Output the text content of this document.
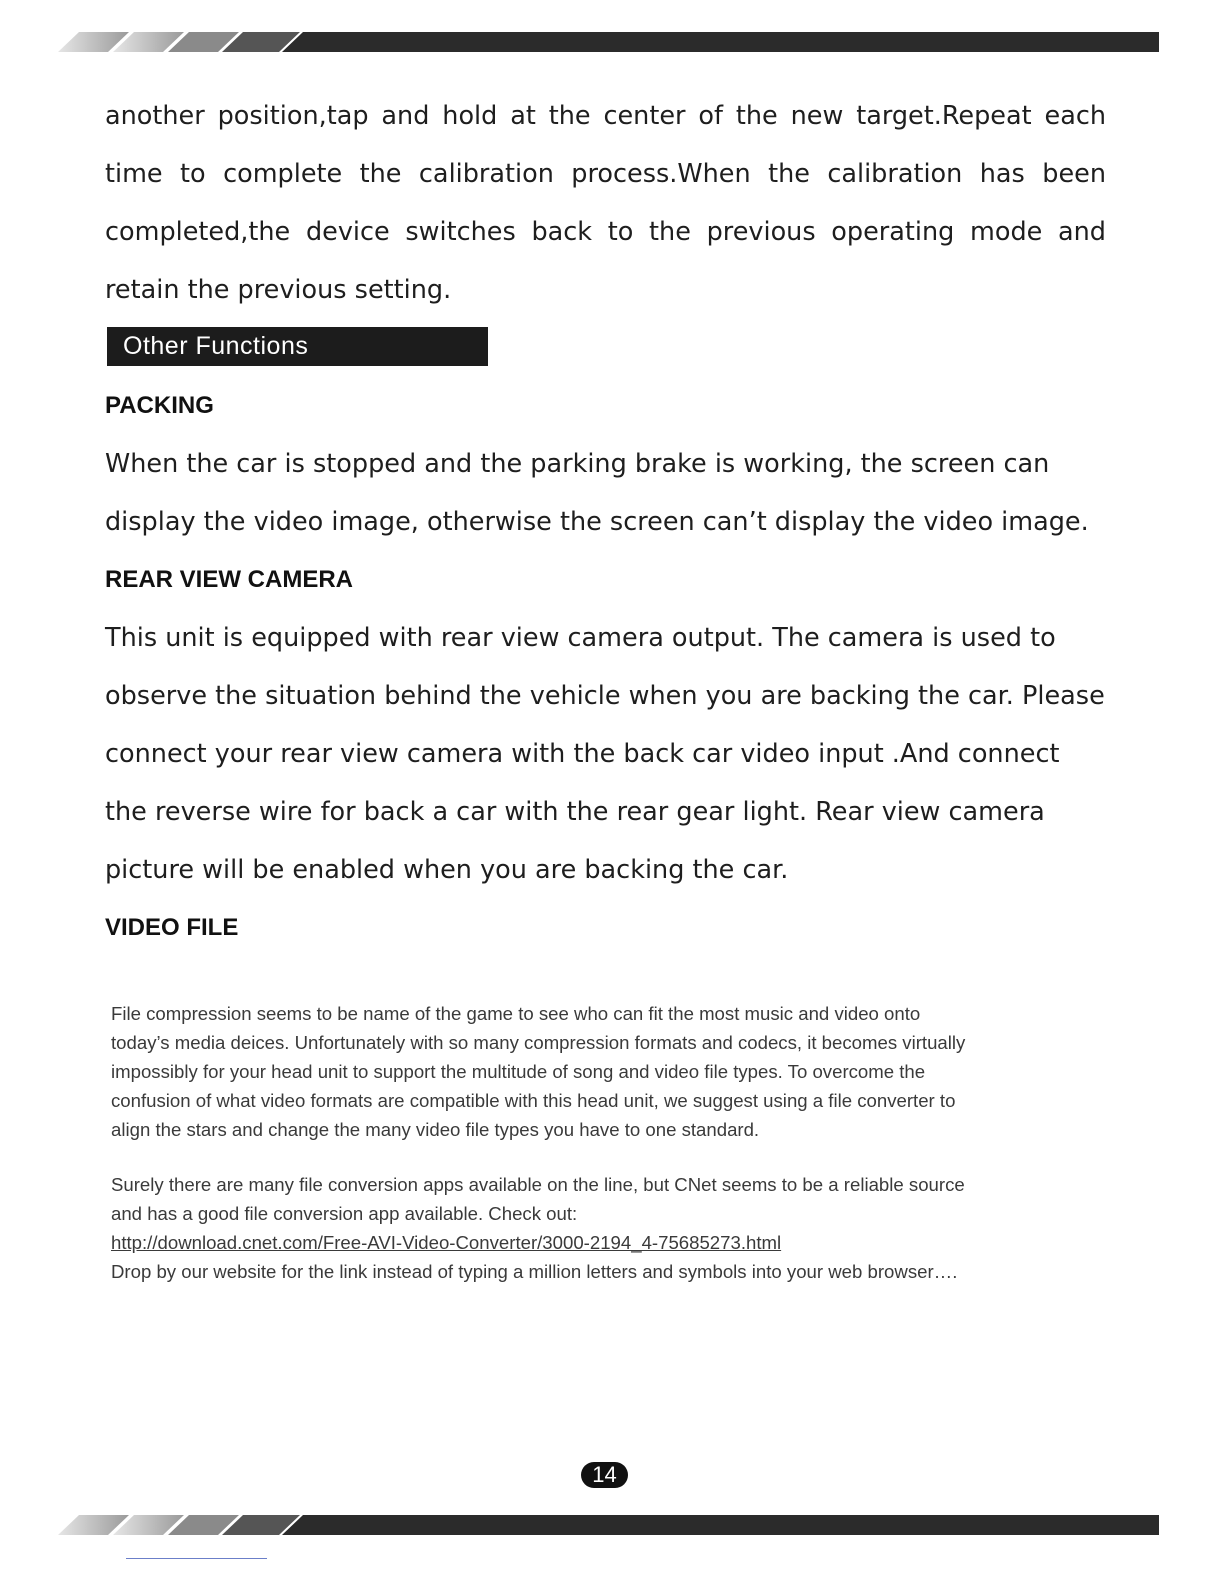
another position,tap and hold at the center of the new target.Repeat each
time to complete the calibration process.When the calibration has been
completed,the device switches back to the previous operating mode and
retain the previous setting.
Other Functions
PACKING
When the car is stopped and the parking brake is working, the screen can
display the video image, otherwise the screen can’t display the video image.
REAR VIEW CAMERA
This unit is equipped with rear view camera output. The camera is used to
observe the situation behind the vehicle when you are backing the car. Please
connect your rear view camera with the back car video input .And connect
the reverse wire for back a car with the rear gear light. Rear view camera
picture will be enabled when you are backing the car.
VIDEO FILE
File compression seems to be name of the game to see who can fit the most music and video onto
today’s media deices. Unfortunately with so many compression formats and codecs, it becomes virtually
impossibly for your head unit to support the multitude of song and video file types. To overcome the
confusion of what video formats are compatible with this head unit, we suggest using a file converter to
align the stars and change the many video file types you have to one standard.
Surely there are many file conversion apps available on the line, but CNet seems to be a reliable source
and has a good file conversion app available. Check out:
http://download.cnet.com/Free-AVI-Video-Converter/3000-2194_4-75685273.html
Drop by our website for the link instead of typing a million letters and symbols into your web browser….
14
